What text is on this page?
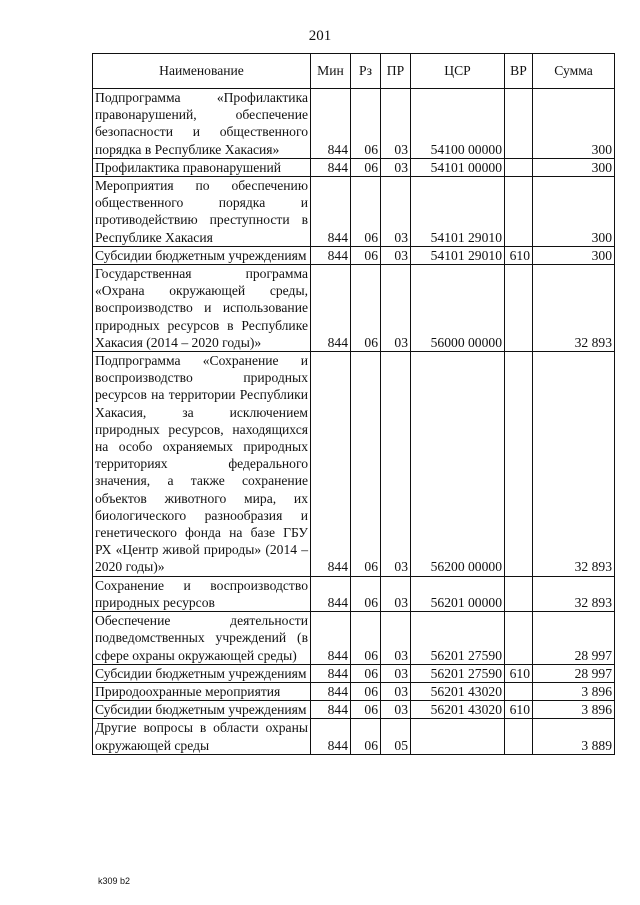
201
Наименование	Мин	Рз	ПР	ЦСР	ВР	Сумма
Подпрограмма «Профилактика правонарушений, обеспечение безопасности и общественного порядка в Республике Хакасия»	844	06	03	54100 00000		300
Профилактика правонарушений	844	06	03	54101 00000		300
Мероприятия по обеспечению общественного порядка и противодействию преступности в Республике Хакасия	844	06	03	54101 29010		300
Субсидии бюджетным учреждениям	844	06	03	54101 29010	610	300
Государственная программа «Охрана окружающей среды, воспроизводство и использование природных ресурсов в Республике Хакасия (2014 – 2020 годы)»	844	06	03	56000 00000		32 893
Подпрограмма «Сохранение и воспроизводство природных ресурсов на территории Республики Хакасия, за исключением природных ресурсов, находящихся на особо охраняемых природных территориях федерального значения, а также сохранение объектов животного мира, их биологического разнообразия и генетического фонда на базе ГБУ РХ «Центр живой природы» (2014 – 2020 годы)»	844	06	03	56200 00000		32 893
Сохранение и воспроизводство природных ресурсов	844	06	03	56201 00000		32 893
Обеспечение деятельности подведомственных учреждений (в сфере охраны окружающей среды)	844	06	03	56201 27590		28 997
Субсидии бюджетным учреждениям	844	06	03	56201 27590	610	28 997
Природоохранные мероприятия	844	06	03	56201 43020		3 896
Субсидии бюджетным учреждениям	844	06	03	56201 43020	610	3 896
Другие вопросы в области охраны окружающей среды	844	06	05			3 889
k309 b2
